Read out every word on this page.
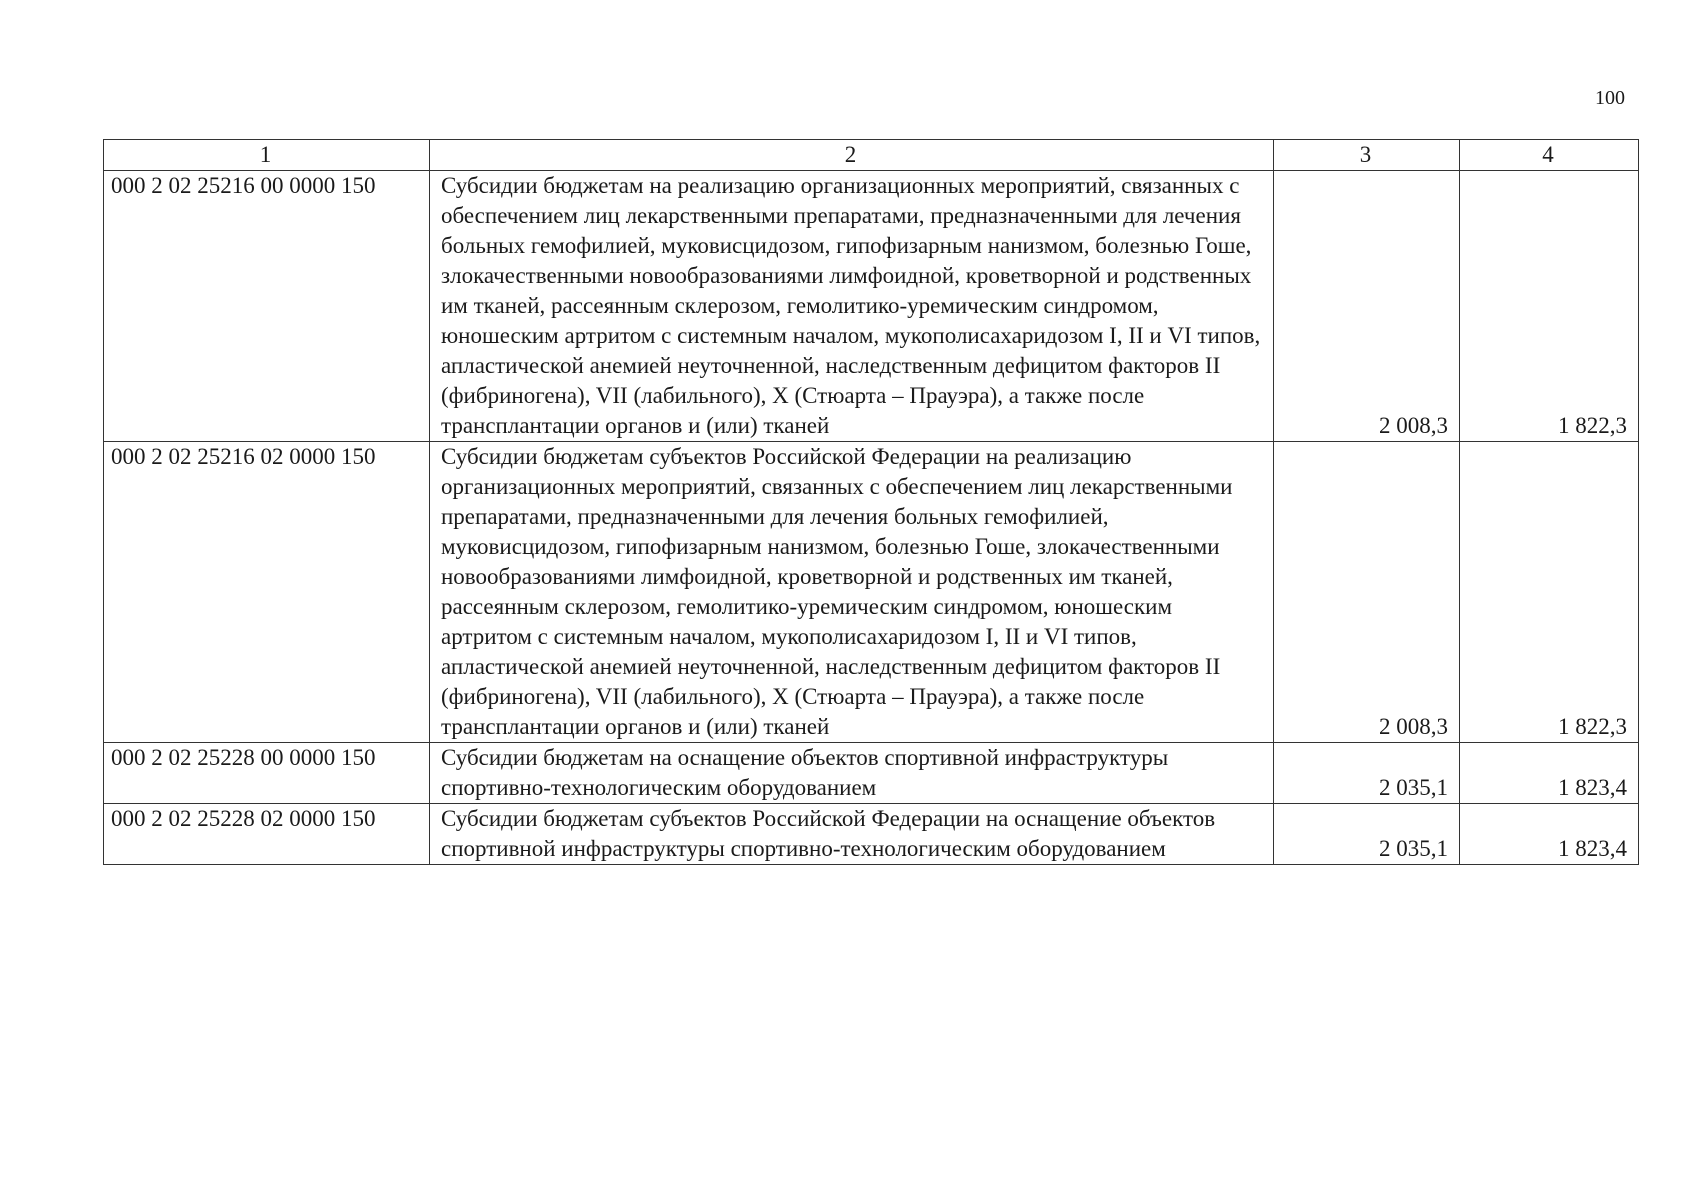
100
1	2	3	4
000 2 02 25216 00 0000 150	Субсидии бюджетам на реализацию организационных мероприятий, связанных с обеспечением лиц лекарственными препаратами, предназначенными для лечения больных гемофилией, муковисцидозом, гипофизарным нанизмом, болезнью Гоше, злокачественными новообразованиями лимфоидной, кроветворной и родственных им тканей, рассеянным склерозом, гемолитико-уремическим синдромом, юношеским артритом с системным началом, мукополисахаридозом I, II и VI типов, апластической анемией неуточненной, наследственным дефицитом факторов II (фибриногена), VII (лабильного), X (Стюарта – Прауэра), а также после трансплантации органов и (или) тканей	2 008,3	1 822,3
000 2 02 25216 02 0000 150	Субсидии бюджетам субъектов Российской Федерации на реализацию организационных мероприятий, связанных с обеспечением лиц лекарственными препаратами, предназначенными для лечения больных гемофилией, муковисцидозом, гипофизарным нанизмом, болезнью Гоше, злокачественными новообразованиями лимфоидной, кроветворной и родственных им тканей, рассеянным склерозом, гемолитико-уремическим синдромом, юношеским артритом с системным началом, мукополисахаридозом I, II и VI типов, апластической анемией неуточненной, наследственным дефицитом факторов II (фибриногена), VII (лабильного), X (Стюарта – Прауэра), а также после трансплантации органов и (или) тканей	2 008,3	1 822,3
000 2 02 25228 00 0000 150	Субсидии бюджетам на оснащение объектов спортивной инфраструктуры спортивно-технологическим оборудованием	2 035,1	1 823,4
000 2 02 25228 02 0000 150	Субсидии бюджетам субъектов Российской Федерации на оснащение объектов спортивной инфраструктуры спортивно-технологическим оборудованием	2 035,1	1 823,4
